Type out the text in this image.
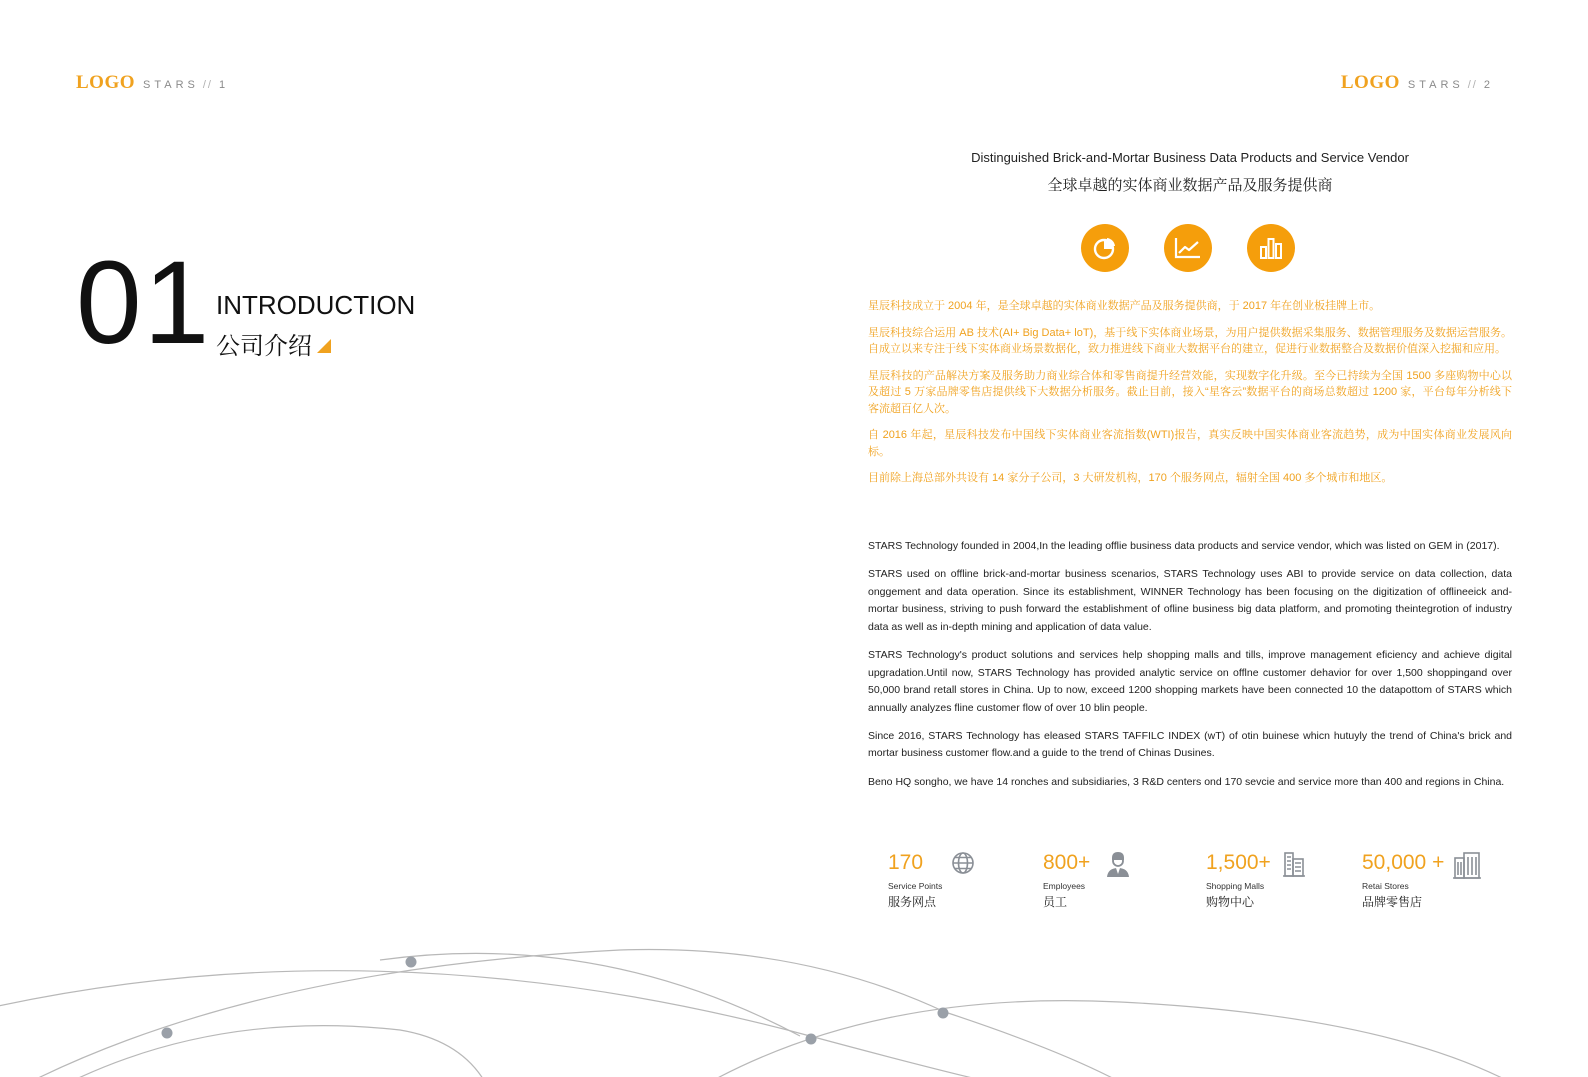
LOGO STARS // 1	LOGO STARS // 2
01 INTRODUCTION
公司介绍
Distinguished Brick-and-Mortar Business Data Products and Service Vendor
全球卓越的实体商业数据产品及服务提供商

星辰科技成立于 2004 年，是全球卓越的实体商业数据产品及服务提供商，于 2017 年在创业板挂牌上市。

星辰科技综合运用 AB 技术(AI+ Big Data+ loT)，基于线下实体商业场景，为用户提供数据采集服务、数据管理服务及数据运营服务。自成立以来专注于线下实体商业场景数据化，致力推进线下商业大数据平台的建立，促进行业数据整合及数据价值深入挖掘和应用。

星辰科技的产品解决方案及服务助力商业综合体和零售商提升经营效能，实现数字化升级。至今已持续为全国 1500 多座购物中心以及超过 5 万家品牌零售店提供线下大数据分析服务。截止目前，接入“星客云”数据平台的商场总数超过 1200 家，平台每年分析线下客流超百亿人次。

自 2016 年起，星辰科技发布中国线下实体商业客流指数(WTI)报告，真实反映中国实体商业客流趋势，成为中国实体商业发展风向标。

目前除上海总部外共设有 14 家分子公司，3 大研发机构，170 个服务网点，辐射全国 400 多个城市和地区。

STARS Technology founded in 2004,In the leading offlie business data products and service vendor, which was listed on GEM in (2017).

STARS used on offline brick-and-mortar business scenarios, STARS Technology uses ABI to provide service on data collection, data onggement and data operation. Since its establishment, WINNER Technology has been focusing on the digitization of offlineeick and-mortar business, striving to push forward the establishment of ofline business big data platform, and promoting theintegrotion of industry data as well as in-depth mining and application of data value.

STARS Technology's product solutions and services help shopping malls and tills, improve management eficiency and achieve digital upgradation.Until now, STARS Technology has provided analytic service on offlne customer dehavior for over 1,500 shoppingand over 50,000 brand retall stores in China. Up to now, exceed 1200 shopping markets have been connected 10 the datapottom of STARS which annually analyzes fline customer flow of over 10 blin people.

Since 2016, STARS Technology has eleased STARS TAFFILC INDEX (wT) of otin buinese whicn hutuyly the trend of China's brick and mortar business customer flow.and a guide to the trend of Chinas Dusines.

Beno HQ songho, we have 14 ronches and subsidiaries, 3 R&D centers ond 170 sevcie and service more than 400 and regions in China.

170
Service Points
服务网点
800+
Employees
员工
1,500+
Shopping Malls
购物中心
50,000 +
Retai Stores
品牌零售店
